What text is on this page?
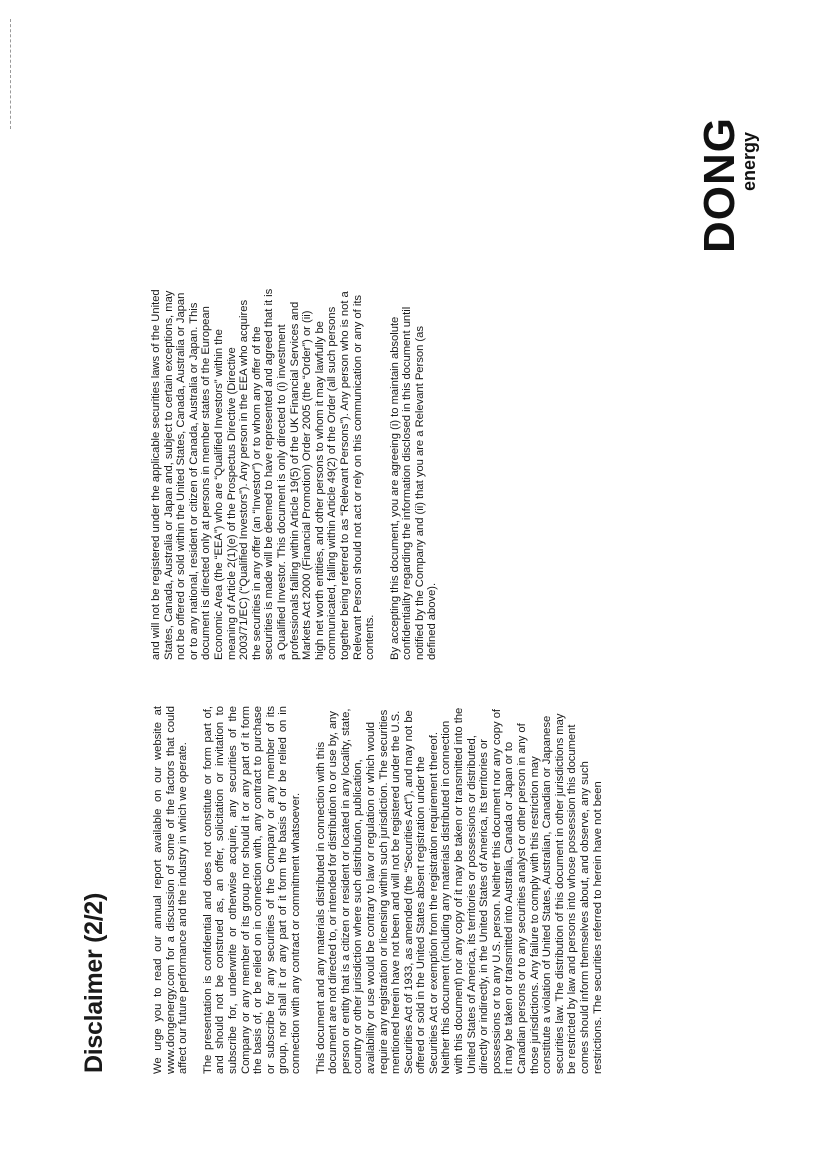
Disclaimer (2/2)	We urge you to read our annual report available on our website at www.dongenergy.com for a discussion of some of the factors that could affect our future performance and the industry in which we operate. The presentation is confidential and does not constitute or form part of, and should not be construed as, an offer, solicitation or invitation to subscribe for, underwrite or otherwise acquire, any securities of the Company or any member of its group nor should it or any part of it form the basis of, or be relied on in connection with, any contract to purchase or subscribe for any securities of the Company or any member of its group, nor shall it or any part of it form the basis of or be relied on in connection with any contract or commitment whatsoever. This document and any materials distributed in connection with this document are not directed to, or intended for distribution to or use by, any person or entity that is a citizen or resident or located in any locality, state, country or other jurisdiction where such distribution, publication, availability or use would be contrary to law or regulation or which would require any registration or licensing within such jurisdiction. The securities mentioned herein have not been and will not be registered under the U.S. Securities Act of 1933, as amended (the “Securities Act”), and may not be offered or sold in the United States absent registration under the Securities Act or exemption from the registration requirement thereof. Neither this document (including any materials distributed in connection with this document) nor any copy of it may be taken or transmitted into the United States of America, its territories or possessions or distributed, directly or indirectly, in the United States of America, its territories or possessions or to any U.S. person. Neither this document nor any copy of it may be taken or transmitted into Australia, Canada or Japan or to Canadian persons or to any securities analyst or other person in any of those jurisdictions. Any failure to comply with this restriction may constitute a violation of United States, Australian, Canadian or Japanese securities law. The distribution of this document in other jurisdictions may be restricted by law and persons into whose possession this document comes should inform themselves about, and observe, any such restrictions. The securities referred to herein have not been

and will not be registered under the applicable securities laws of the United States, Canada, Australia or Japan and, subject to certain exceptions, may not be offered or sold within the United States, Canada, Australia or Japan or to any national, resident or citizen of Canada, Australia or Japan. This document is directed only at persons in member states of the European Economic Area (the “EEA”) who are “Qualified Investors” within the meaning of Article 2(1)(e) of the Prospectus Directive (Directive 2003/71/EC) (“Qualified Investors”). Any person in the EEA who acquires the securities in any offer (an “Investor”) or to whom any offer of the securities is made will be deemed to have represented and agreed that it is a Qualified Investor. This document is only directed to (i) investment professionals falling within Article 19(5) of the UK Financial Services and Markets Act 2000 (Financial Promotion) Order 2005 (the “Order”) or (ii) high net worth entities, and other persons to whom it may lawfully be communicated, falling within Article 49(2) of the Order (all such persons together being referred to as “Relevant Persons”). Any person who is not a Relevant Person should not act or rely on this communication or any of its contents. By accepting this document, you are agreeing (i) to maintain absolute confidentiality regarding the information disclosed in this document until notified by the Company and (ii) that you are a Relevant Person (as defined above).

DONG
energy
